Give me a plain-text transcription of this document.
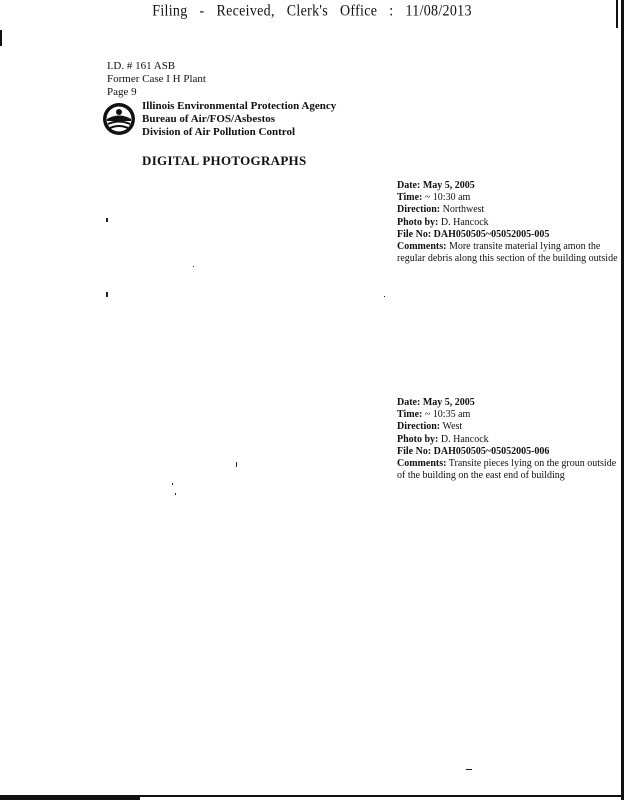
Filing - Received, Clerk's Office : 11/08/2013
I.D. # 161 ASB
Former Case I H Plant
Page 9
Illinois Environmental Protection Agency
Bureau of Air/FOS/Asbestos
Division of Air Pollution Control
DIGITAL PHOTOGRAPHS
Date: May 5, 2005
Time: ~ 10:30 am
Direction: Northwest
Photo by: D. Hancock
File No: DAH050505~05052005-005
Comments: More transite material lying amon the regular debris along this section of the building outside
Date: May 5, 2005
Time: ~ 10:35 am
Direction: West
Photo by: D. Hancock
File No: DAH050505~05052005-006
Comments: Transite pieces lying on the groun outside of the building on the east end of building
